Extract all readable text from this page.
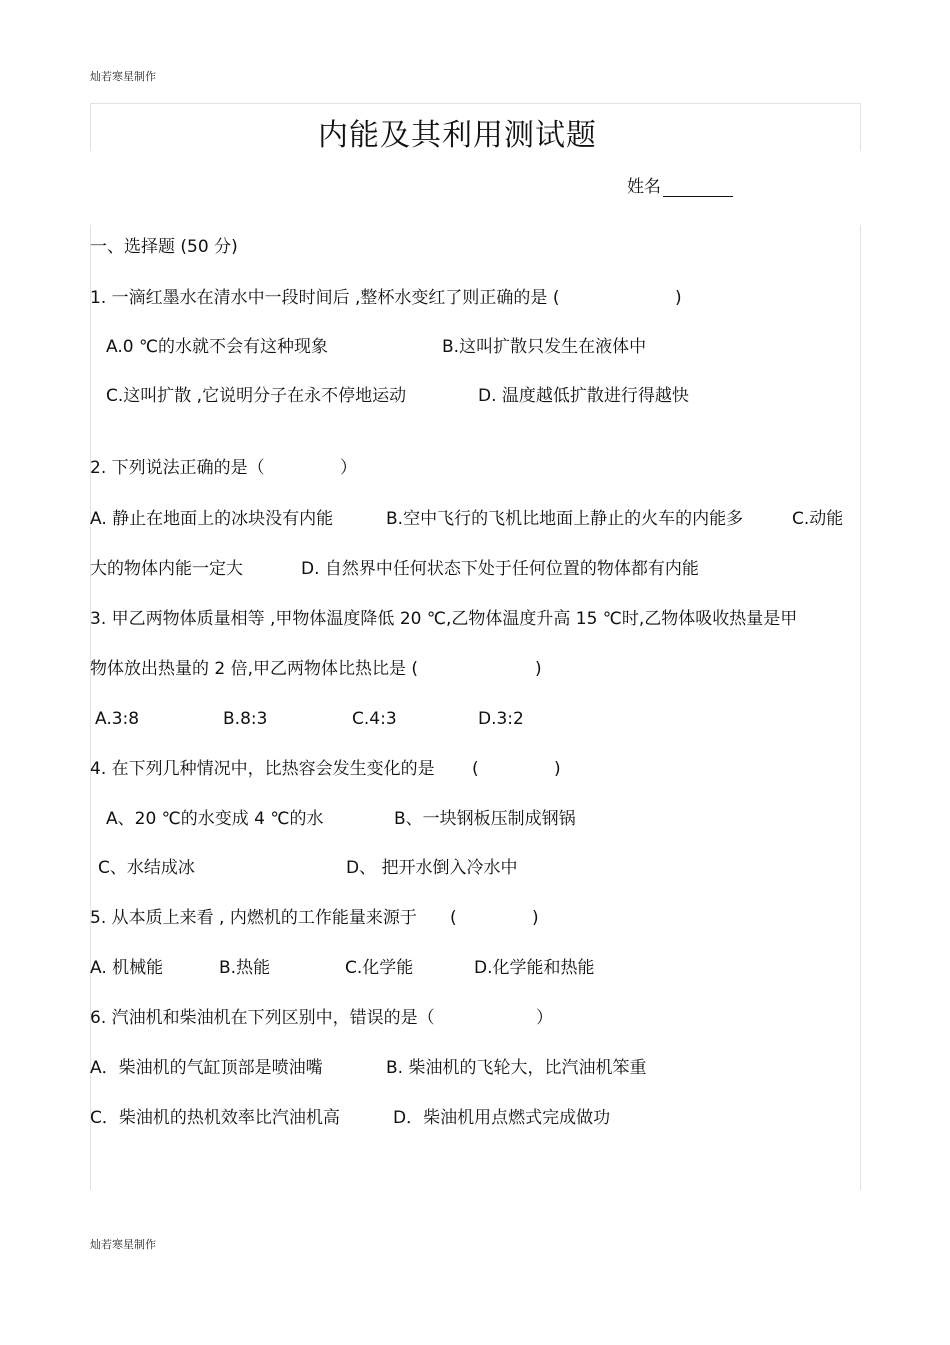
灿若寒星制作
灿若寒星制作
内能及其利用测试题
姓名
一、选择题 (50 分)
1. 一滴红墨水在清水中一段时间后 ,整杯水变红了则正确的是 (	)
A.0 ℃的水就不会有这种现象	B.这叫扩散只发生在液体中
C.这叫扩散 ,它说明分子在永不停地运动	D. 温度越低扩散进行得越快
2. 下列说法正确的是（	）
A. 静止在地面上的冰块没有内能	B.空中飞行的飞机比地面上静止的火车的内能多	C.动能
大的物体内能一定大	D. 自然界中任何状态下处于任何位置的物体都有内能
3. 甲乙两物体质量相等 ,甲物体温度降低 20 ℃,乙物体温度升高 15 ℃时,乙物体吸收热量是甲
物体放出热量的 2 倍,甲乙两物体比热比是 (	)
A.3:8	B.8:3	C.4:3	D.3:2
4. 在下列几种情况中，比热容会发生变化的是 (	)
A、20 ℃的水变成 4 ℃的水	B、一块钢板压制成钢锅
C、水结成冰	D、 把开水倒入冷水中
5. 从本质上来看 , 内燃机的工作能量来源于 (	)
A. 机械能	B.热能	C.化学能	D.化学能和热能
6. 汽油机和柴油机在下列区别中，错误的是（	）
A．柴油机的气缸顶部是喷油嘴	B. 柴油机的飞轮大，比汽油机笨重
C．柴油机的热机效率比汽油机高	D．柴油机用点燃式完成做功
